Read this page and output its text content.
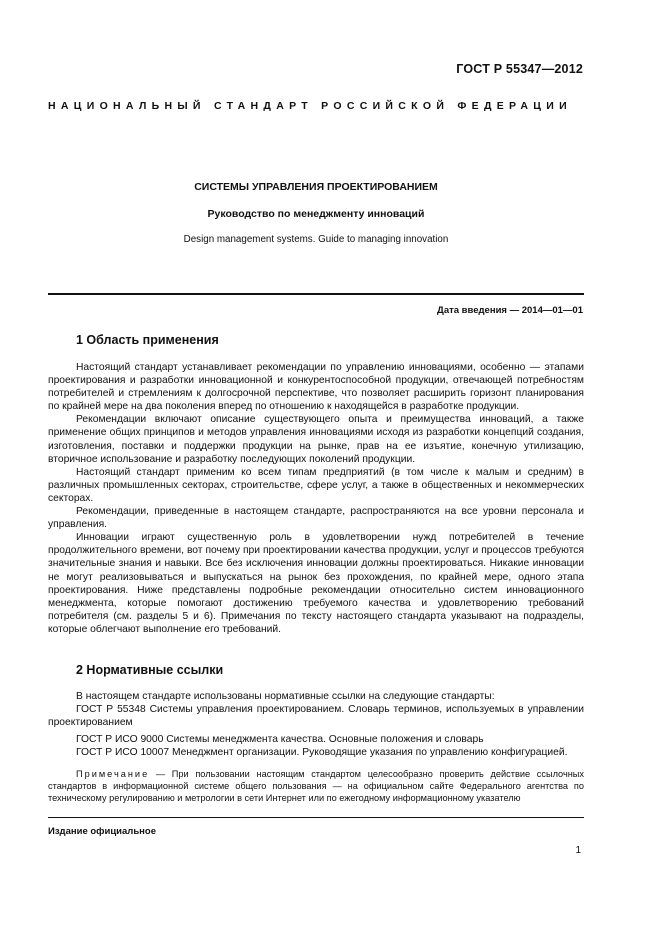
ГОСТ Р 55347—2012
НАЦИОНАЛЬНЫЙ СТАНДАРТ РОССИЙСКОЙ ФЕДЕРАЦИИ
СИСТЕМЫ УПРАВЛЕНИЯ ПРОЕКТИРОВАНИЕМ
Руководство по менеджменту инноваций
Design management systems. Guide to managing innovation
Дата введения — 2014—01—01
1 Область применения

Настоящий стандарт устанавливает рекомендации по управлению инновациями, особенно — этапами проектирования и разработки инновационной и конкурентоспособной продукции, отвечающей потребностям потребителей и стремлениям к долгосрочной перспективе, что позволяет расширить горизонт планирования по крайней мере на два поколения вперед по отношению к находящейся в разработке продукции.

Рекомендации включают описание существующего опыта и преимущества инноваций, а также применение общих принципов и методов управления инновациями исходя из разработки концепций создания, изготовления, поставки и поддержки продукции на рынке, прав на ее изъятие, конечную утилизацию, вторичное использование и разработку последующих поколений продукции.

Настоящий стандарт применим ко всем типам предприятий (в том числе к малым и средним) в различных промышленных секторах, строительстве, сфере услуг, а также в общественных и некоммерческих секторах.

Рекомендации, приведенные в настоящем стандарте, распространяются на все уровни персонала и управления.

Инновации играют существенную роль в удовлетворении нужд потребителей в течение продолжительного времени, вот почему при проектировании качества продукции, услуг и процессов требуются значительные знания и навыки. Все без исключения инновации должны проектироваться. Никакие инновации не могут реализовываться и выпускаться на рынок без прохождения, по крайней мере, одного этапа проектирования. Ниже представлены подробные рекомендации относительно систем инновационного менеджмента, которые помогают достижению требуемого качества и удовлетворению требований потребителя (см. разделы 5 и 6). Примечания по тексту настоящего стандарта указывают на подразделы, которые облегчают выполнение его требований.

2 Нормативные ссылки

В настоящем стандарте использованы нормативные ссылки на следующие стандарты:

ГОСТ Р 55348 Системы управления проектированием. Словарь терминов, используемых в управлении проектированием

ГОСТ Р ИСО 9000 Системы менеджмента качества. Основные положения и словарь

ГОСТ Р ИСО 10007 Менеджмент организации. Руководящие указания по управлению конфигурацией.

Примечание — При пользовании настоящим стандартом целесообразно проверить действие ссылочных стандартов в информационной системе общего пользования — на официальном сайте Федерального агентства по техническому регулированию и метрологии в сети Интернет или по ежегодному информационному указателю
Издание официальное
1
